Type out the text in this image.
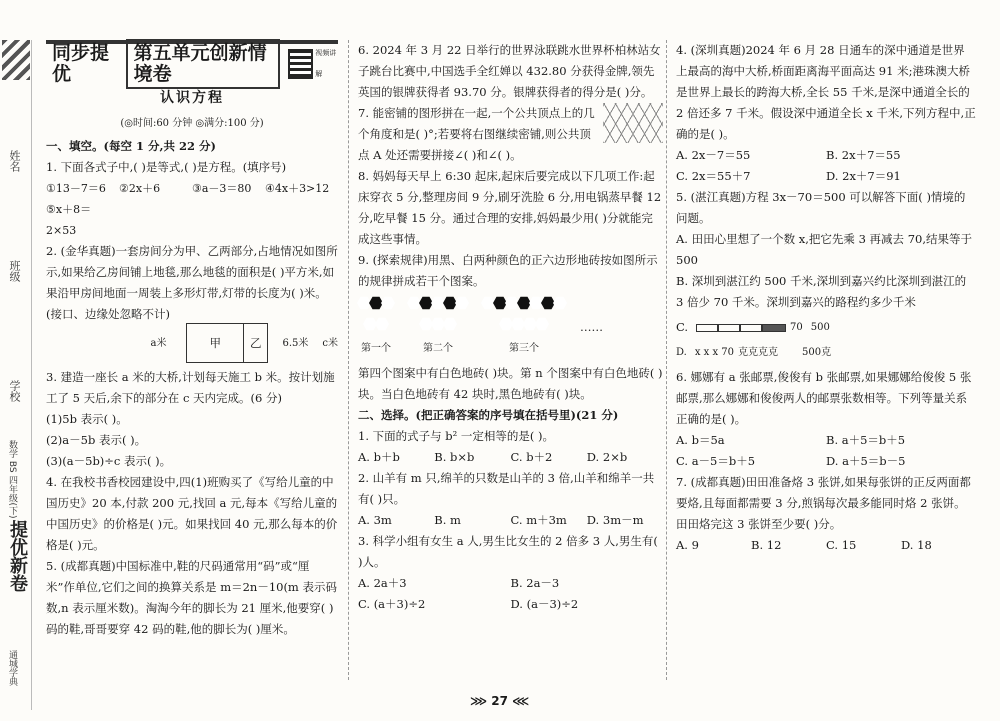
姓名
班级
学校
数学 BS 四年级(下)
提优新卷
通城学典
同步提优
第五单元创新情境卷
视频讲解
认识方程
(◎时间:60 分钟 ◎满分:100 分)
一、填空。(每空 1 分,共 22 分)

1. 下面各式子中,( )是等式,( )是方程。(填序号)

①13－7＝6	②2x＋6	③a－3＝80	④4x＋3>12
⑤x＋8＝2×53

2. (金华真题)一套房间分为甲、乙两部分,占地情况如图所示,如果给乙房间铺上地毯,那么地毯的面积是( )平方米,如果沿甲房间地面一周装上多形灯带,灯带的长度为( )米。(接口、边缘处忽略不计)

a米	甲	乙	6.5米 c米

3. 建造一座长 a 米的大桥,计划每天施工 b 米。按计划施工了 5 天后,余下的部分在 c 天内完成。(6 分)

(1)5b 表示( )。

(2)a－5b 表示( )。

(3)(a－5b)÷c 表示( )。

4. 在我校书香校园建设中,四(1)班购买了《写给儿童的中国历史》20 本,付款 200 元,找回 a 元,每本《写给儿童的中国历史》的价格是( )元。如果找回 40 元,那么每本的价格是( )元。

5. (成都真题)中国标准中,鞋的尺码通常用“码”或“厘米”作单位,它们之间的换算关系是 m＝2n－10(m 表示码数,n 表示厘米数)。淘淘今年的脚长为 21 厘米,他要穿( )码的鞋,哥哥要穿 42 码的鞋,他的脚长为( )厘米。

6. 2024 年 3 月 22 日举行的世界泳联跳水世界杯柏林站女子跳台比赛中,中国选手全红婵以 432.80 分获得金牌,领先英国的银牌获得者 93.70 分。银牌获得者的得分是( )分。

7. 能密铺的图形拼在一起,一个公共顶点上的几个角度和是( )°;若要将右图继续密铺,则公共顶点 A 处还需要拼接∠( )和∠( )。

8. 妈妈每天早上 6:30 起床,起床后要完成以下几项工作:起床穿衣 5 分,整理房间 9 分,刷牙洗脸 6 分,用电锅蒸早餐 12 分,吃早餐 15 分。通过合理的安排,妈妈最少用( )分就能完成这些事情。

9. (探索规律)用黑、白两种颜色的正六边形地砖按如图所示的规律拼成若干个图案。

第一个	第二个	第三个
……

第四个图案中有白色地砖( )块。第 n 个图案中有白色地砖( )块。当白色地砖有 42 块时,黑色地砖有( )块。

二、选择。(把正确答案的序号填在括号里)(21 分)

1. 下面的式子与 b² 一定相等的是( )。

A. b＋b	B. b×b	C. b＋2	D. 2×b

2. 山羊有 m 只,绵羊的只数是山羊的 3 倍,山羊和绵羊一共有( )只。

A. 3m	B. m	C. m＋3m	D. 3m－m

3. 科学小组有女生 a 人,男生比女生的 2 倍多 3 人,男生有( )人。

A. 2a＋3	B. 2a－3
C. (a＋3)÷2	D. (a－3)÷2

4. (深圳真题)2024 年 6 月 28 日通车的深中通道是世界上最高的海中大桥,桥面距离海平面高达 91 米;港珠澳大桥是世界上最长的跨海大桥,全长 55 千米,是深中通道全长的 2 倍还多 7 千米。假设深中通道全长 x 千米,下列方程中,正确的是( )。

A. 2x－7＝55	B. 2x＋7＝55
C. 2x＝55＋7	D. 2x＋7＝91

5. (湛江真题)方程 3x－70＝500 可以解答下面( )情境的问题。

A. 田田心里想了一个数 x,把它先乘 3 再减去 70,结果等于 500

B. 深圳到湛江约 500 千米,深圳到嘉兴约比深圳到湛江的 3 倍少 70 千米。深圳到嘉兴的路程约多少千米

C.	70 500
D. x x x 70 克克克克 500克

6. 娜娜有 a 张邮票,俊俊有 b 张邮票,如果娜娜给俊俊 5 张邮票,那么娜娜和俊俊两人的邮票张数相等。下列等量关系正确的是( )。

A. b＝5a	B. a＋5＝b＋5
C. a－5＝b＋5	D. a＋5＝b－5

7. (成都真题)田田准备烙 3 张饼,如果每张饼的正反两面都要烙,且每面都需要 3 分,煎锅每次最多能同时烙 2 张饼。田田烙完这 3 张饼至少要( )分。

A. 9	B. 12	C. 15	D. 18
⋙ 27 ⋘
